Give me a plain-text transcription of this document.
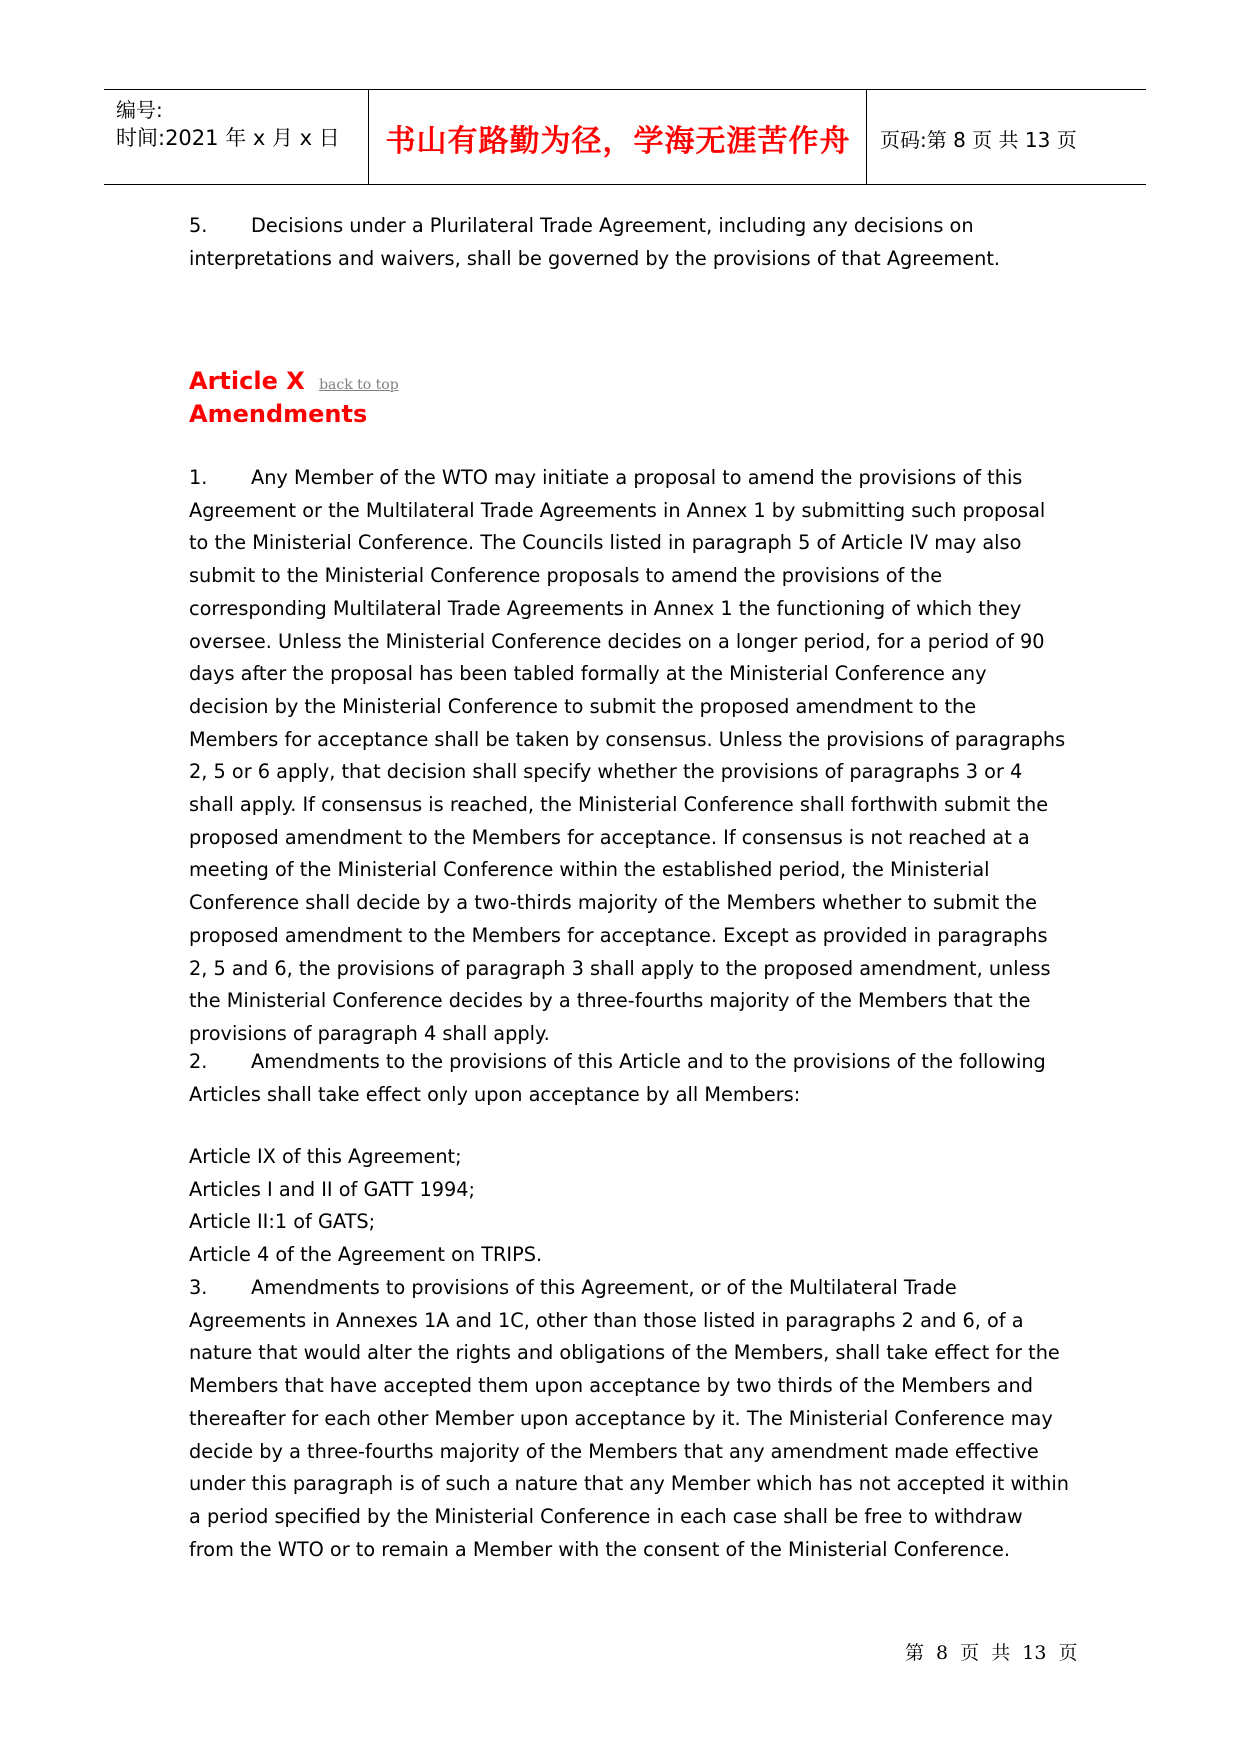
编号:
时间:2021 年 x 月 x 日	书山有路勤为径，学海无涯苦作舟	页码:第 8 页 共 13 页
5. Decisions under a Plurilateral Trade Agreement, including any decisions on interpretations and waivers, shall be governed by the provisions of that Agreement.
Article X back to top
Amendments
1. Any Member of the WTO may initiate a proposal to amend the provisions of this Agreement or the Multilateral Trade Agreements in Annex 1 by submitting such proposal to the Ministerial Conference. The Councils listed in paragraph 5 of Article IV may also submit to the Ministerial Conference proposals to amend the provisions of the corresponding Multilateral Trade Agreements in Annex 1 the functioning of which they oversee. Unless the Ministerial Conference decides on a longer period, for a period of 90 days after the proposal has been tabled formally at the Ministerial Conference any decision by the Ministerial Conference to submit the proposed amendment to the Members for acceptance shall be taken by consensus. Unless the provisions of paragraphs 2, 5 or 6 apply, that decision shall specify whether the provisions of paragraphs 3 or 4 shall apply. If consensus is reached, the Ministerial Conference shall forthwith submit the proposed amendment to the Members for acceptance. If consensus is not reached at a meeting of the Ministerial Conference within the established period, the Ministerial Conference shall decide by a two-thirds majority of the Members whether to submit the proposed amendment to the Members for acceptance. Except as provided in paragraphs 2, 5 and 6, the provisions of paragraph 3 shall apply to the proposed amendment, unless the Ministerial Conference decides by a three-fourths majority of the Members that the provisions of paragraph 4 shall apply.
2. Amendments to the provisions of this Article and to the provisions of the following Articles shall take effect only upon acceptance by all Members:
Article IX of this Agreement;
Articles I and II of GATT 1994;
Article II:1 of GATS;
Article 4 of the Agreement on TRIPS.
3. Amendments to provisions of this Agreement, or of the Multilateral Trade Agreements in Annexes 1A and 1C, other than those listed in paragraphs 2 and 6, of a nature that would alter the rights and obligations of the Members, shall take effect for the Members that have accepted them upon acceptance by two thirds of the Members and thereafter for each other Member upon acceptance by it. The Ministerial Conference may decide by a three-fourths majority of the Members that any amendment made effective under this paragraph is of such a nature that any Member which has not accepted it within a period specified by the Ministerial Conference in each case shall be free to withdraw from the WTO or to remain a Member with the consent of the Ministerial Conference.
第 8 页 共 13 页
